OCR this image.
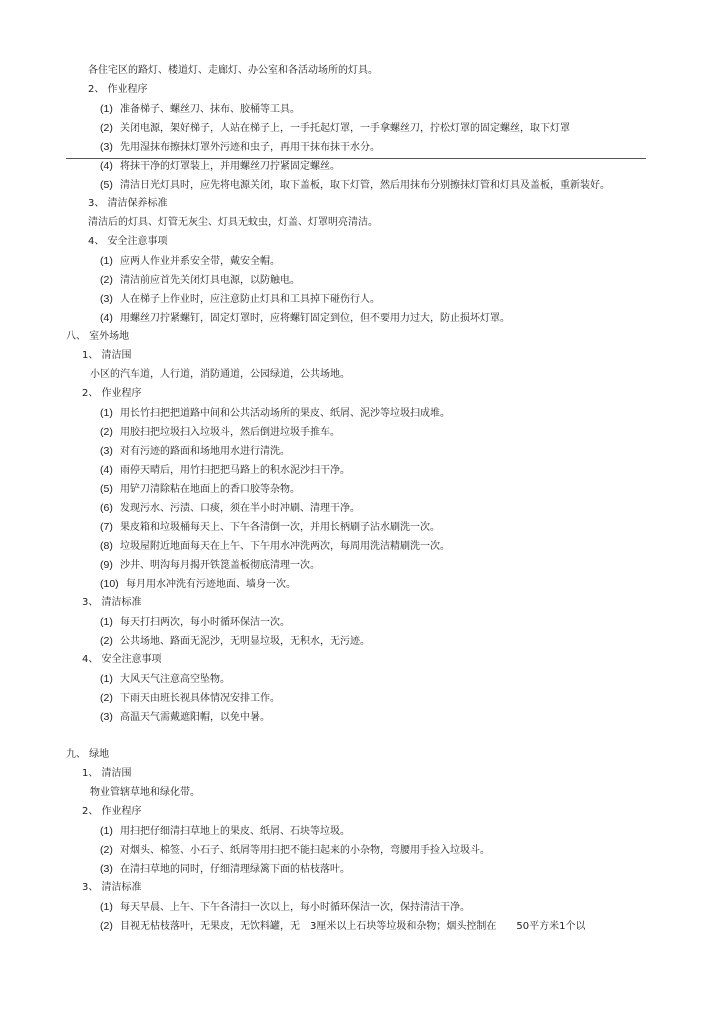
各住宅区的路灯、楼道灯、走廊灯、办公室和各活动场所的灯具。
2、 作业程序
(1) 准备梯子、螺丝刀、抹布、胶桶等工具。
(2) 关闭电源，架好梯子，人站在梯子上，一手托起灯罩，一手拿螺丝刀，拧松灯罩的固定螺丝，取下灯罩
(3) 先用湿抹布擦抹灯罩外污迹和虫子，再用干抹布抹干水分。
(4) 将抹干净的灯罩装上，并用螺丝刀拧紧固定螺丝。
(5) 清洁日光灯具时，应先将电源关闭，取下盖板，取下灯管，然后用抹布分别擦抹灯管和灯具及盖板，重新装好。
3、 清洁保养标准
清洁后的灯具、灯管无灰尘、灯具无蚊虫，灯盖、灯罩明亮清洁。
4、 安全注意事项
(1) 应两人作业并系安全带，戴安全帽。
(2) 清洁前应首先关闭灯具电源，以防触电。
(3) 人在梯子上作业时，应注意防止灯具和工具掉下碰伤行人。
(4) 用螺丝刀拧紧螺钉，固定灯罩时，应将螺钉固定到位，但不要用力过大，防止损坏灯罩。
八、 室外场地
1、 清洁围
小区的汽车道，人行道，消防通道，公园绿道，公共场地。
2、 作业程序
(1) 用长竹扫把把道路中间和公共活动场所的果皮、纸屑、泥沙等垃圾扫成堆。
(2) 用胶扫把垃圾扫入垃圾斗，然后倒进垃圾手推车。
(3) 对有污迹的路面和场地用水进行清洗。
(4) 雨停天晴后，用竹扫把把马路上的积水泥沙扫干净。
(5) 用铲刀清除粘在地面上的香口胶等杂物。
(6) 发现污水、污渍、口痰，须在半小时冲刷、清理干净。
(7) 果皮箱和垃圾桶每天上、下午各清倒一次，并用长柄刷子沾水刷洗一次。
(8) 垃圾屋附近地面每天在上午、下午用水冲洗两次，每周用洗洁精刷洗一次。
(9) 沙井、明沟每月揭开铁箆盖板彻底清理一次。
(10) 每月用水冲洗有污迹地面、墙身一次。
3、 清洁标准
(1) 每天打扫两次，每小时循环保洁一次。
(2) 公共场地、路面无泥沙，无明显垃圾，无积水，无污迹。
4、 安全注意事项
(1) 大风天气注意高空坠物。
(2) 下雨天由班长视具体情况安排工作。
(3) 高温天气需戴遮阳帽，以免中暑。
九、 绿地
1、 清洁围
物业管辖草地和绿化带。
2、 作业程序
(1) 用扫把仔细清扫草地上的果皮、纸屑、石块等垃圾。
(2) 对烟头、棉签、小石子、纸屑等用扫把不能扫起来的小杂物，弯腰用手捡入垃圾斗。
(3) 在清扫草地的同时，仔细清理绿篱下面的枯枝落叶。
3、 清洁标准
(1) 每天早晨、上午、下午各清扫一次以上，每小时循环保洁一次，保持清洁干净。
(2) 目视无枯枝落叶，无果皮，无饮料罐，无　3厘米以上石块等垃圾和杂物；烟头控制在　　50平方米1个以
